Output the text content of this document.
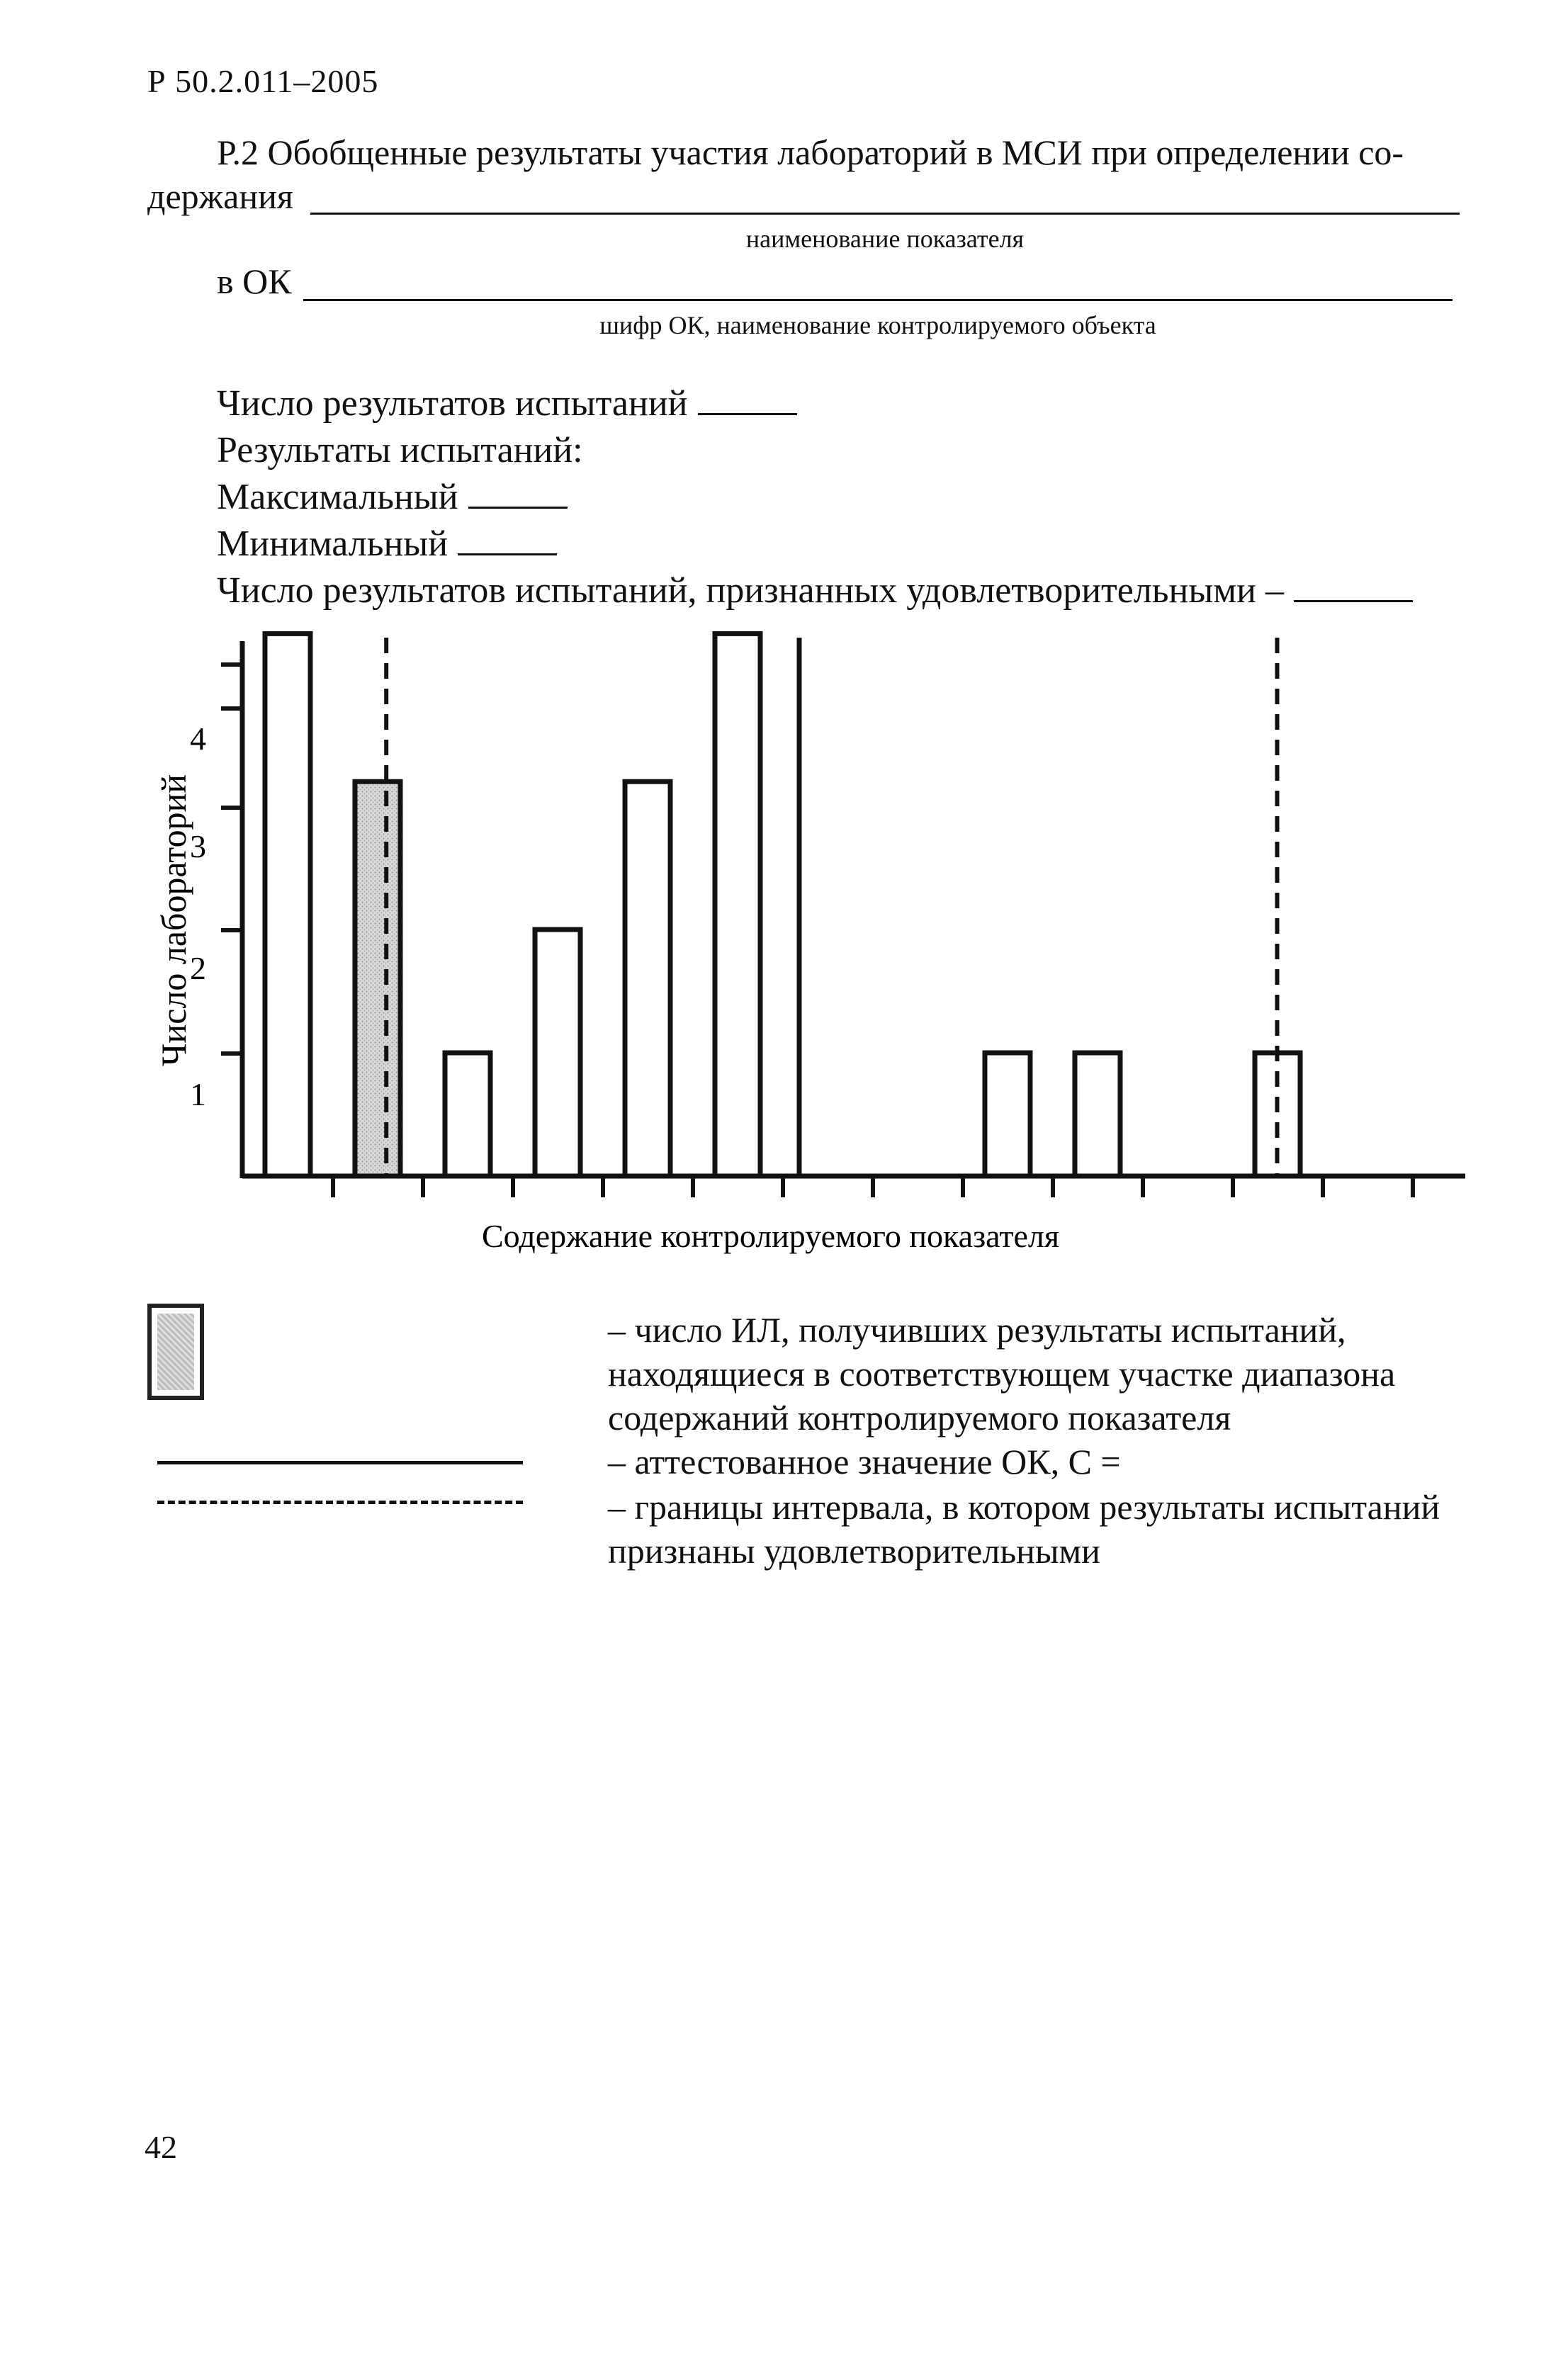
Р 50.2.011–2005
Р.2 Обобщенные результаты участия лабораторий в МСИ при определении со-
держания
наименование показателя
в ОК
шифр ОК, наименование контролируемого объекта
Число результатов испытаний
Результаты испытаний:
Максимальный
Минимальный
Число результатов испытаний, признанных удовлетворительными –
1
2
3
4
Число лабораторий
Содержание контролируемого показателя
– число ИЛ, получивших результаты испытаний, находящиеся в соответствующем участке диапазона содержаний контролируемого показателя
– аттестованное значение ОК, С =
– границы интервала, в котором результаты испытаний признаны удовлетворительными
42
